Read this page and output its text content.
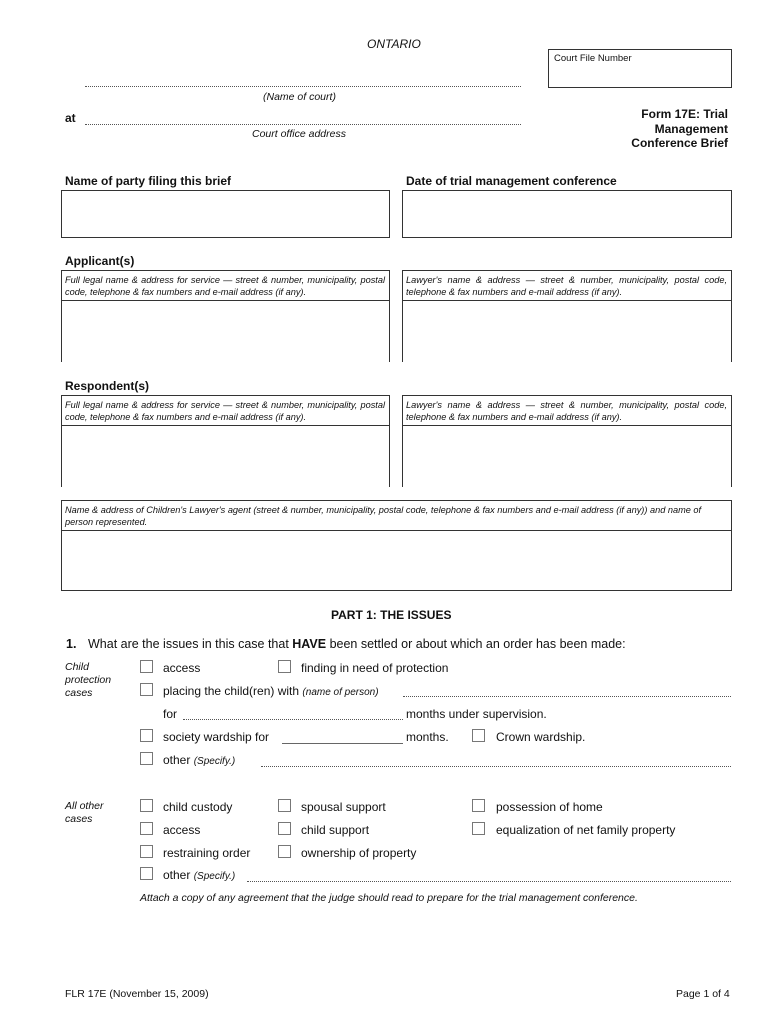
ONTARIO
Court File Number
(Name of court)
at
Court office address
Form 17E: Trial
Management
Conference Brief
Name of party filing this brief	Date of trial management conference
Applicant(s)
Full legal name & address for service — street & number, municipality, postal code, telephone & fax numbers and e-mail address (if any).
Lawyer's name & address — street & number, municipality, postal code, telephone & fax numbers and e-mail address (if any).
Respondent(s)
Full legal name & address for service — street & number, municipality, postal code, telephone & fax numbers and e-mail address (if any).
Lawyer's name & address — street & number, municipality, postal code, telephone & fax numbers and e-mail address (if any).
Name & address of Children's Lawyer's agent (street & number, municipality, postal code, telephone & fax numbers and e-mail address (if any)) and name of person represented.
PART 1: THE ISSUES
1. What are the issues in this case that HAVE been settled or about which an order has been made:
Child
protection
cases
access	finding in need of protection
placing the child(ren) with (name of person)
for	months under supervision.
society wardship for	months.	Crown wardship.
other (Specify.)
All other
cases
child custody	spousal support	possession of home
access	child support	equalization of net family property
restraining order	ownership of property
other (Specify.)
Attach a copy of any agreement that the judge should read to prepare for the trial management conference.
FLR 17E (November 15, 2009)	Page 1 of 4
